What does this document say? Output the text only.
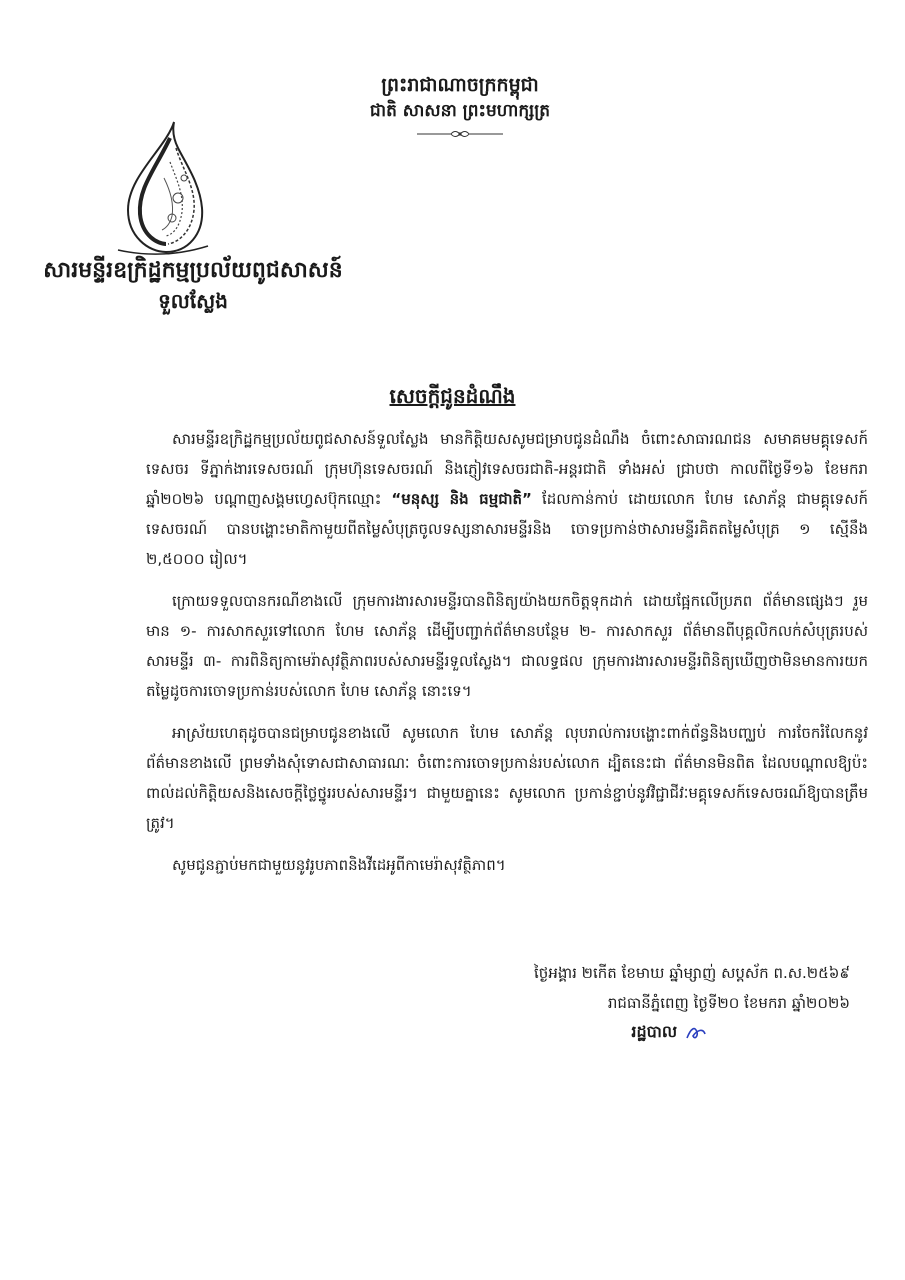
ព្រះរាជាណាចក្រកម្ពុជា
ជាតិ សាសនា ព្រះមហាក្សត្រ
សារមន្ទីរឧក្រិដ្ឋកម្មប្រល័យពូជសាសន៍
ទួលស្លែង
សេចក្ដីជូនដំណឹង

សារមន្ទីរឧក្រិដ្ឋកម្មប្រល័យពូជសាសន៍ទួលស្លែង មានកិត្តិយសសូមជម្រាបជូនដំណឹង ចំពោះសាធារណជន សមាគមមគ្គុទេសក៍ទេសចរ ទីភ្នាក់ងារទេសចរណ៍ ក្រុមហ៊ុនទេសចរណ៍ និងភ្ញៀវទេសចរជាតិ-អន្តរជាតិ ទាំងអស់ ជ្រាបថា កាលពីថ្ងៃទី១៦ ខែមករា ឆ្នាំ២០២៦ បណ្ដាញសង្គមហ្វេសប៊ុកឈ្មោះ “មនុស្ស និង ធម្មជាតិ” ដែលកាន់កាប់ ដោយលោក ហែម សោភ័ន្ត ជាមគ្គុទេសក៍ទេសចរណ៍ បានបង្ហោះមាតិកាមួយពីតម្លៃសំបុត្រចូលទស្សនាសារមន្ទីរនិង ចោទប្រកាន់ថាសារមន្ទីរគិតតម្លៃសំបុត្រ ១ ស្មើនឹង ២,៥០០០ រៀល។

ក្រោយទទួលបានករណីខាងលើ ក្រុមការងារសារមន្ទីរបានពិនិត្យយ៉ាងយកចិត្តទុកដាក់ ដោយផ្អែកលើប្រភព ព័ត៌មានផ្សេងៗ រួមមាន ១- ការសាកសួរទៅលោក ហែម សោភ័ន្ត ដើម្បីបញ្ជាក់ព័ត៌មានបន្ថែម ២- ការសាកសួរ ព័ត៌មានពីបុគ្គលិកលក់សំបុត្ររបស់សារមន្ទីរ ៣- ការពិនិត្យកាមេរ៉ាសុវត្ថិភាពរបស់សារមន្ទីរទួលស្លែង។ ជាលទ្ធផល ក្រុមការងារសារមន្ទីរពិនិត្យឃើញថាមិនមានការយកតម្លៃដូចការចោទប្រកាន់របស់លោក ហែម សោភ័ន្ត នោះទេ។

អាស្រ័យហេតុដូចបានជម្រាបជូនខាងលើ សូមលោក ហែម សោភ័ន្ត លុបរាល់ការបង្ហោះពាក់ព័ន្ធនិងបញ្ឈប់ ការចែករំលែកនូវព័ត៌មានខាងលើ ព្រមទាំងសុំទោសជាសាធារណៈ ចំពោះការចោទប្រកាន់របស់លោក ដ្បិតនេះជា ព័ត៌មានមិនពិត ដែលបណ្ដាលឱ្យប៉ះពាល់ដល់កិត្តិយសនិងសេចក្ដីថ្លៃថ្នូររបស់សារមន្ទីរ។ ជាមួយគ្នានេះ សូមលោក ប្រកាន់ខ្ជាប់នូវវិជ្ជាជីវៈមគ្គុទេសក៍ទេសចរណ៍ឱ្យបានត្រឹមត្រូវ។

សូមជូនភ្ជាប់មកជាមួយនូវរូបភាពនិងវីដេអូពីកាមេរ៉ាសុវត្ថិភាព។

ថ្ងៃអង្គារ ២កើត ខែមាឃ ឆ្នាំម្សាញ់ សប្តស័ក ព.ស.២៥៦៩
រាជធានីភ្នំពេញ ថ្ងៃទី២០ ខែមករា ឆ្នាំ២០២៦
រដ្ឋបាល
